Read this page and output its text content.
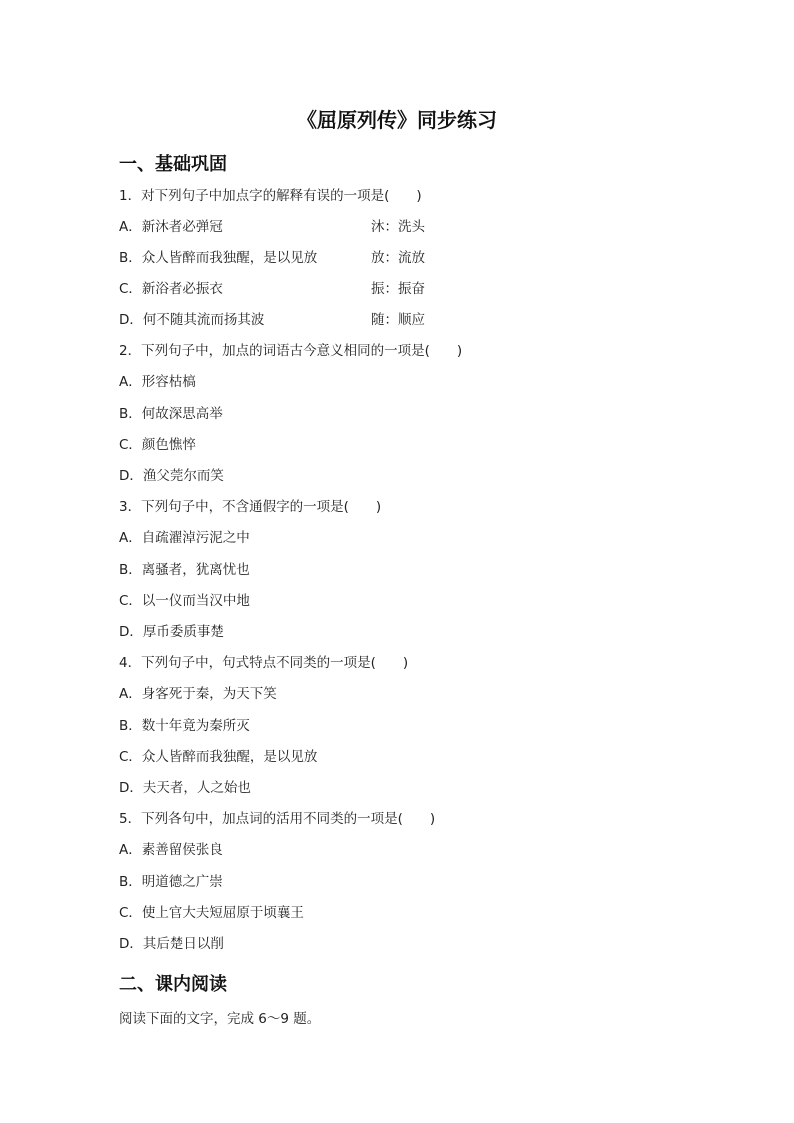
《屈原列传》同步练习
一、基础巩固
1．对下列句子中加点字的解释有误的一项是(　　)
A．新沐者必弹冠	沐：洗头
B．众人皆醉而我独醒，是以见放	放：流放
C．新浴者必振衣	振：振奋
D．何不随其流而扬其波	随：顺应
2．下列句子中，加点的词语古今意义相同的一项是(　　)
A．形容枯槁
B．何故深思高举
C．颜色憔悴
D．渔父莞尔而笑
3．下列句子中，不含通假字的一项是(　　)
A．自疏濯淖污泥之中
B．离骚者，犹离忧也
C．以一仪而当汉中地
D．厚币委质事楚
4．下列句子中，句式特点不同类的一项是(　　)
A．身客死于秦，为天下笑
B．数十年竟为秦所灭
C．众人皆醉而我独醒，是以见放
D．夫天者，人之始也
5．下列各句中，加点词的活用不同类的一项是(　　)
A．素善留侯张良
B．明道德之广崇
C．使上官大夫短屈原于顷襄王
D．其后楚日以削
二、课内阅读
阅读下面的文字，完成 6～9 题。
